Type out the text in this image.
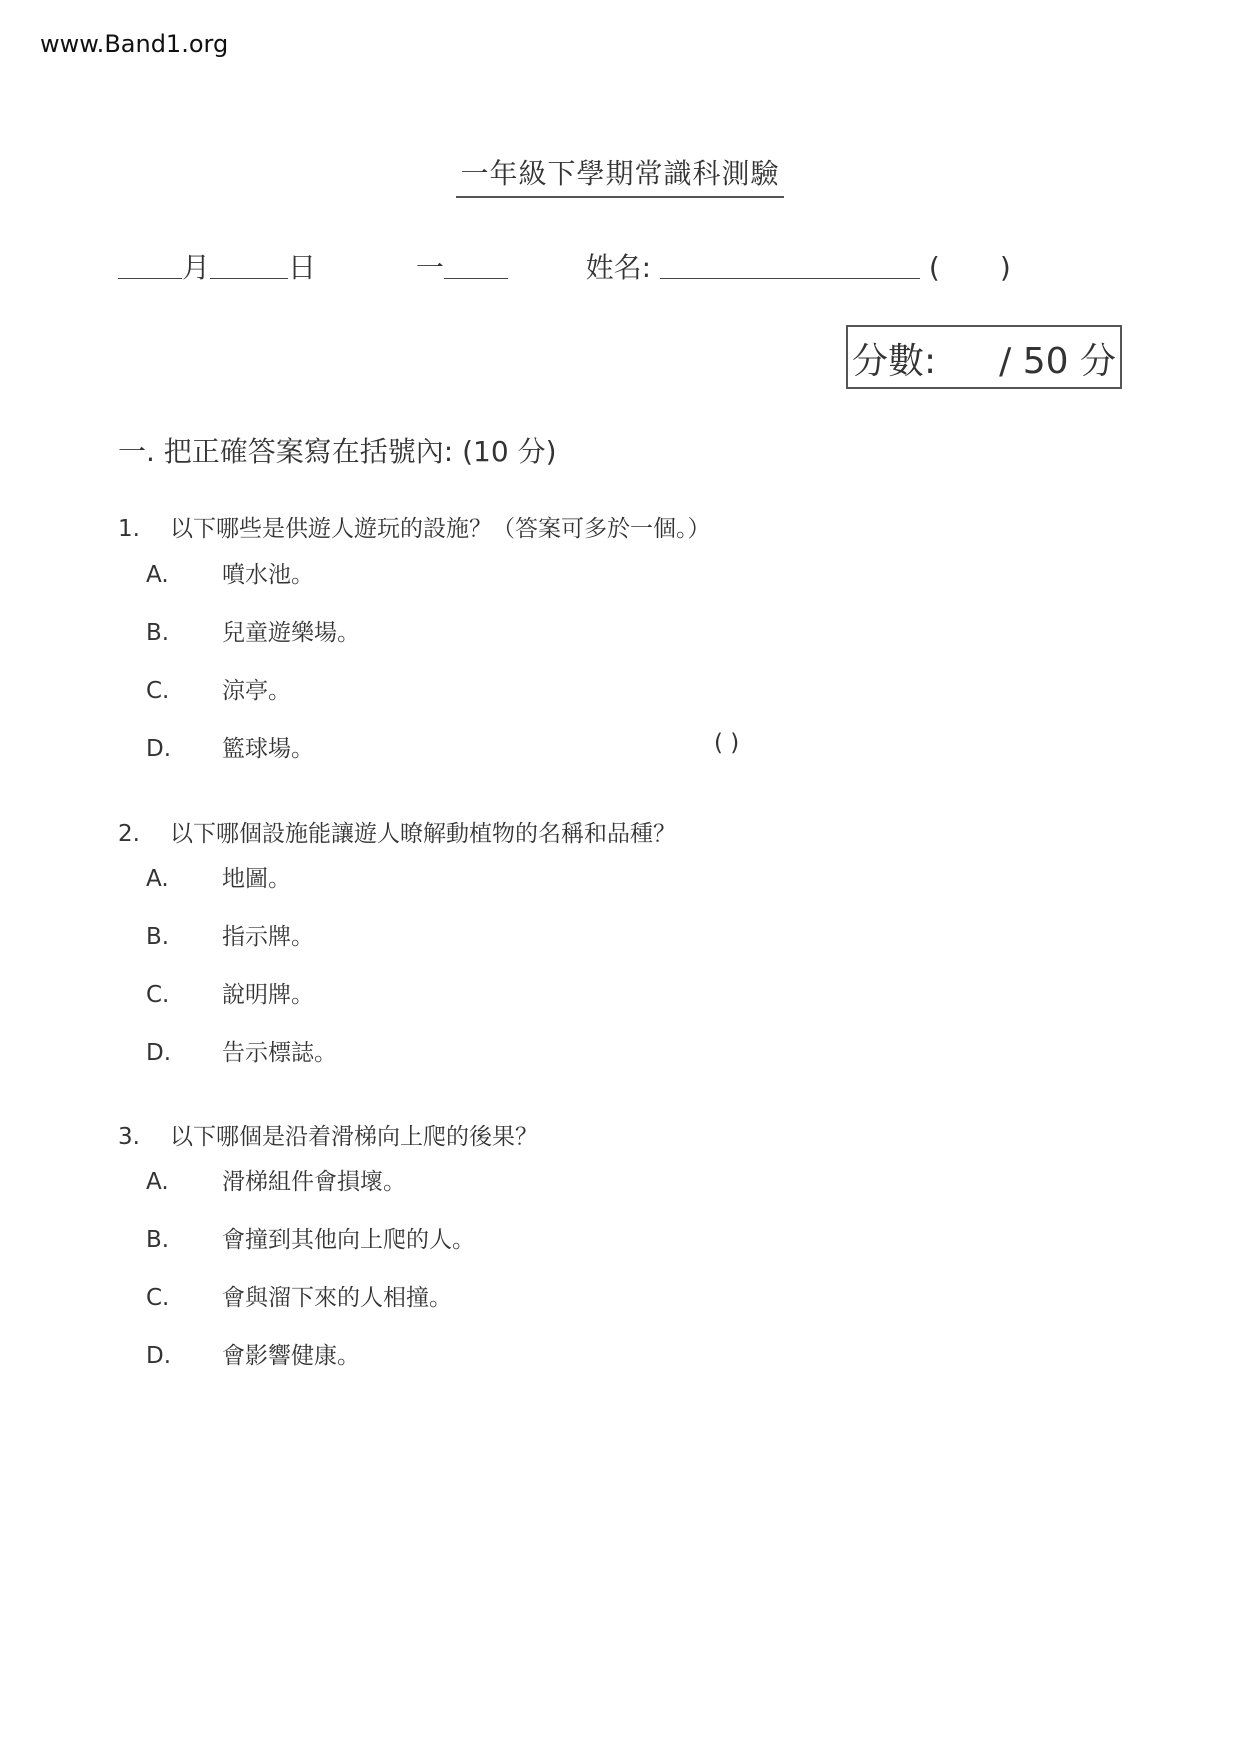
www.Band1.org
一年級下學期常識科測驗
月	日	一	姓名:	( )
分數: / 50 分
一. 把正確答案寫在括號內: (10 分)
1. 以下哪些是供遊人遊玩的設施？（答案可多於一個。）
A. 噴水池。
B. 兒童遊樂場。
C. 涼亭。
D. 籃球場。	( )
2. 以下哪個設施能讓遊人暸解動植物的名稱和品種？
A. 地圖。
B. 指示牌。
C. 說明牌。
D. 告示標誌。
3. 以下哪個是沿着滑梯向上爬的後果？
A. 滑梯組件會損壞。
B. 會撞到其他向上爬的人。
C. 會與溜下來的人相撞。
D. 會影響健康。
